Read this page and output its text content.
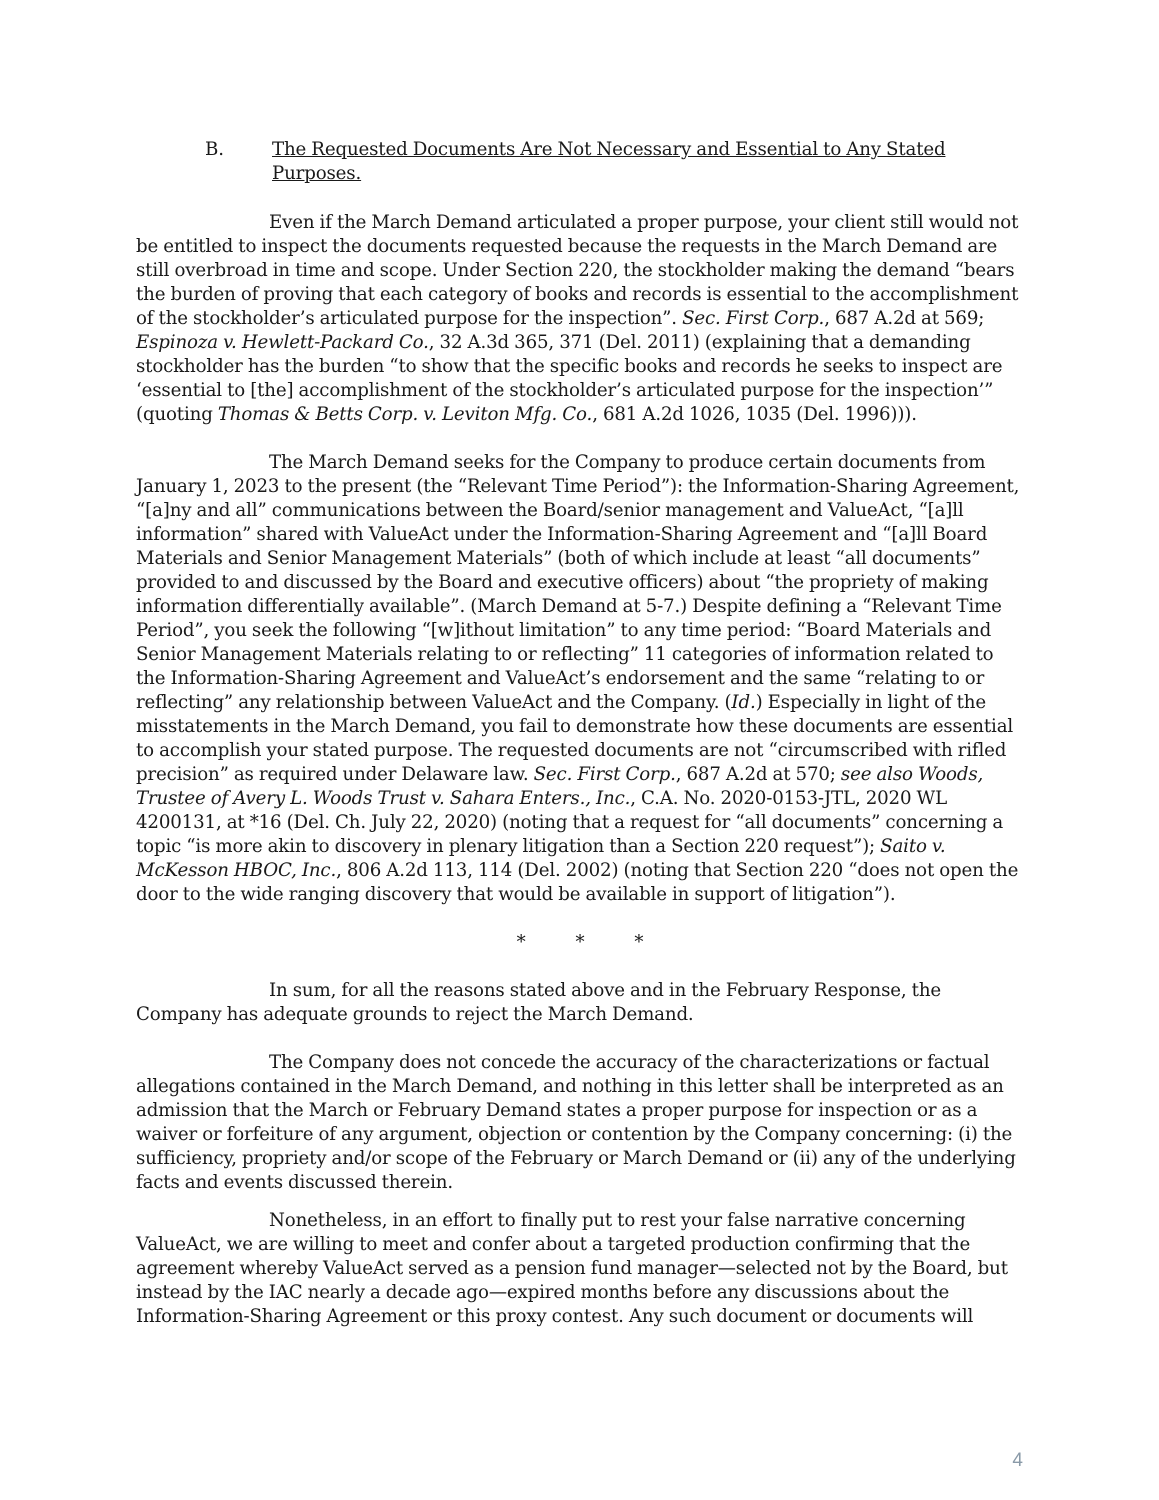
B.	The Requested Documents Are Not Necessary and Essential to Any Stated Purposes.

Even if the March Demand articulated a proper purpose, your client still would not be entitled to inspect the documents requested because the requests in the March Demand are still overbroad in time and scope. Under Section 220, the stockholder making the demand “bears the burden of proving that each category of books and records is essential to the accomplishment of the stockholder’s articulated purpose for the inspection”. Sec. First Corp., 687 A.2d at 569; Espinoza v. Hewlett-Packard Co., 32 A.3d 365, 371 (Del. 2011) (explaining that a demanding stockholder has the burden “to show that the specific books and records he seeks to inspect are ‘essential to [the] accomplishment of the stockholder’s articulated purpose for the inspection’” (quoting Thomas & Betts Corp. v. Leviton Mfg. Co., 681 A.2d 1026, 1035 (Del. 1996))).

The March Demand seeks for the Company to produce certain documents from January 1, 2023 to the present (the “Relevant Time Period”): the Information-Sharing Agreement, “[a]ny and all” communications between the Board/senior management and ValueAct, “[a]ll information” shared with ValueAct under the Information-Sharing Agreement and “[a]ll Board Materials and Senior Management Materials” (both of which include at least “all documents” provided to and discussed by the Board and executive officers) about “the propriety of making information differentially available”. (March Demand at 5-7.) Despite defining a “Relevant Time Period”, you seek the following “[w]ithout limitation” to any time period: “Board Materials and Senior Management Materials relating to or reflecting” 11 categories of information related to the Information-Sharing Agreement and ValueAct’s endorsement and the same “relating to or reflecting” any relationship between ValueAct and the Company. (Id.) Especially in light of the misstatements in the March Demand, you fail to demonstrate how these documents are essential to accomplish your stated purpose. The requested documents are not “circumscribed with rifled precision” as required under Delaware law. Sec. First Corp., 687 A.2d at 570; see also Woods, Trustee of Avery L. Woods Trust v. Sahara Enters., Inc., C.A. No. 2020-0153-JTL, 2020 WL 4200131, at *16 (Del. Ch. July 22, 2020) (noting that a request for “all documents” concerning a topic “is more akin to discovery in plenary litigation than a Section 220 request”); Saito v. McKesson HBOC, Inc., 806 A.2d 113, 114 (Del. 2002) (noting that Section 220 “does not open the door to the wide ranging discovery that would be available in support of litigation”).

*	*	*

In sum, for all the reasons stated above and in the February Response, the Company has adequate grounds to reject the March Demand.

The Company does not concede the accuracy of the characterizations or factual allegations contained in the March Demand, and nothing in this letter shall be interpreted as an admission that the March or February Demand states a proper purpose for inspection or as a waiver or forfeiture of any argument, objection or contention by the Company concerning: (i) the sufficiency, propriety and/or scope of the February or March Demand or (ii) any of the underlying facts and events discussed therein.

Nonetheless, in an effort to finally put to rest your false narrative concerning ValueAct, we are willing to meet and confer about a targeted production confirming that the agreement whereby ValueAct served as a pension fund manager—selected not by the Board, but instead by the IAC nearly a decade ago—expired months before any discussions about the Information-Sharing Agreement or this proxy contest. Any such document or documents will

4
